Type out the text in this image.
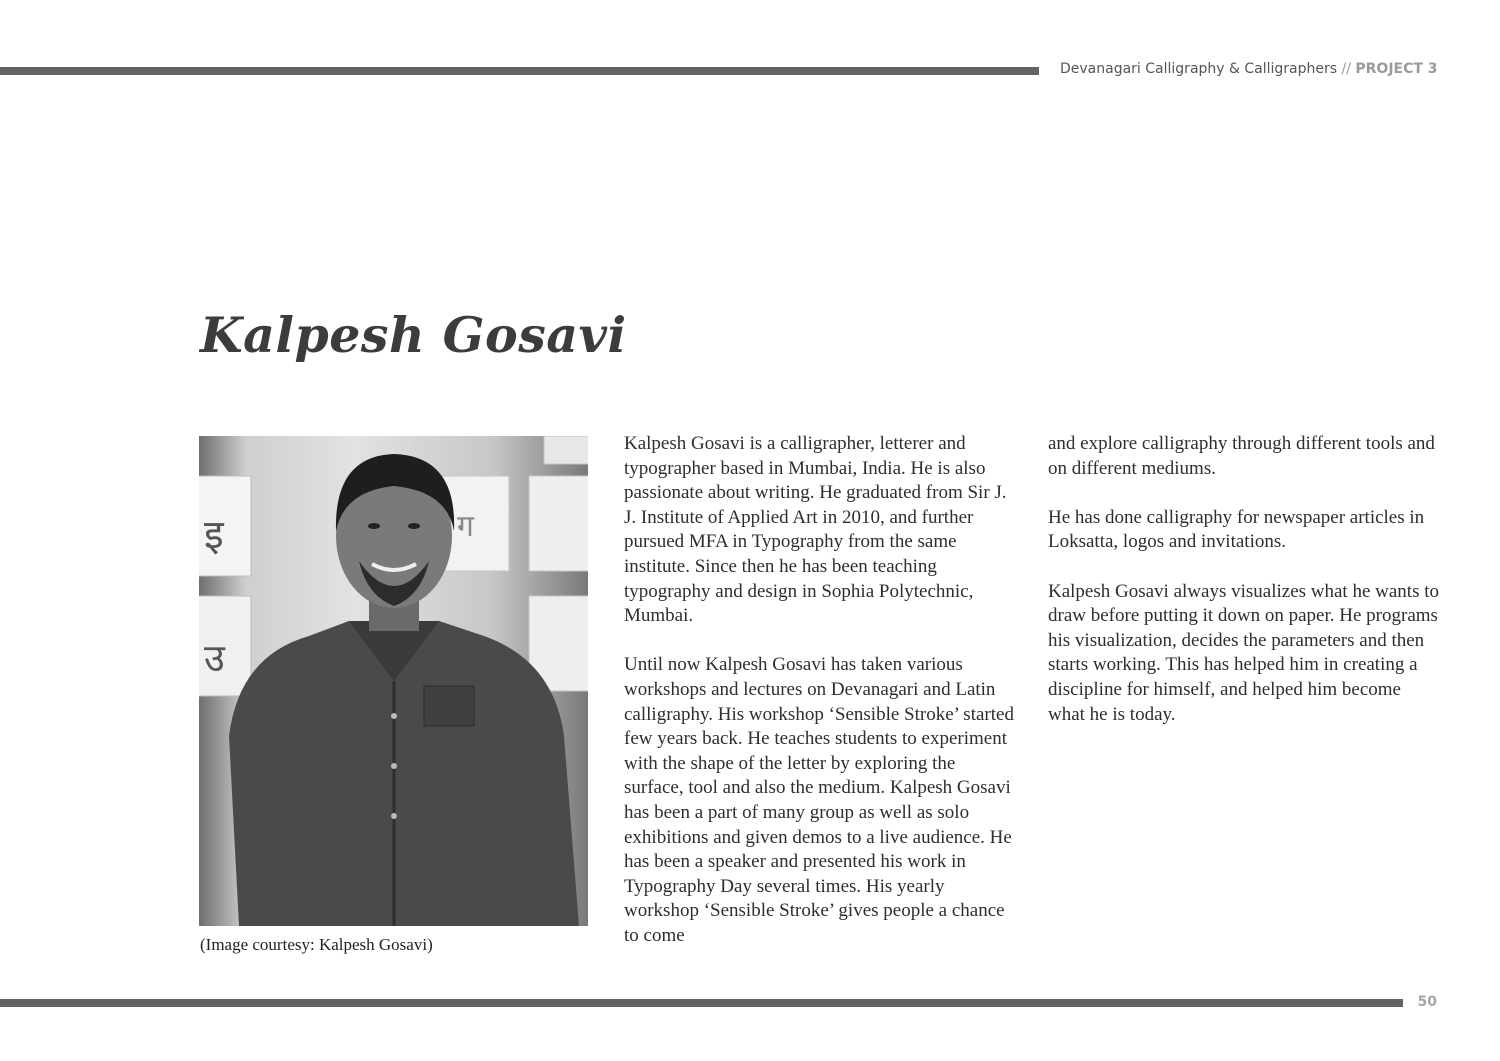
Devanagari Calligraphy & Calligraphers // PROJECT 3
Kalpesh Gosavi
इ	ग
उ
(Image courtesy: Kalpesh Gosavi)

Kalpesh Gosavi is a calligrapher, letterer and typographer based in Mumbai, India. He is also passionate about writing. He graduated from Sir J. J. Institute of Applied Art in 2010, and further pursued MFA in Typography from the same institute. Since then he has been teaching typography and design in Sophia Polytechnic, Mumbai.

Until now Kalpesh Gosavi has taken various workshops and lectures on Devanagari and Latin calligraphy. His workshop ‘Sensible Stroke’ started few years back. He teaches students to experiment with the shape of the letter by exploring the surface, tool and also the medium. Kalpesh Gosavi has been a part of many group as well as solo exhibitions and given demos to a live audience. He has been a speaker and presented his work in Typography Day several times. His yearly workshop ‘Sensible Stroke’ gives people a chance to come

and explore calligraphy through different tools and on different mediums.

He has done calligraphy for newspaper articles in Loksatta, logos and invitations.

Kalpesh Gosavi always visualizes what he wants to draw before putting it down on paper. He programs his visualization, decides the parameters and then starts working. This has helped him in creating a discipline for himself, and helped him become what he is today.

50
